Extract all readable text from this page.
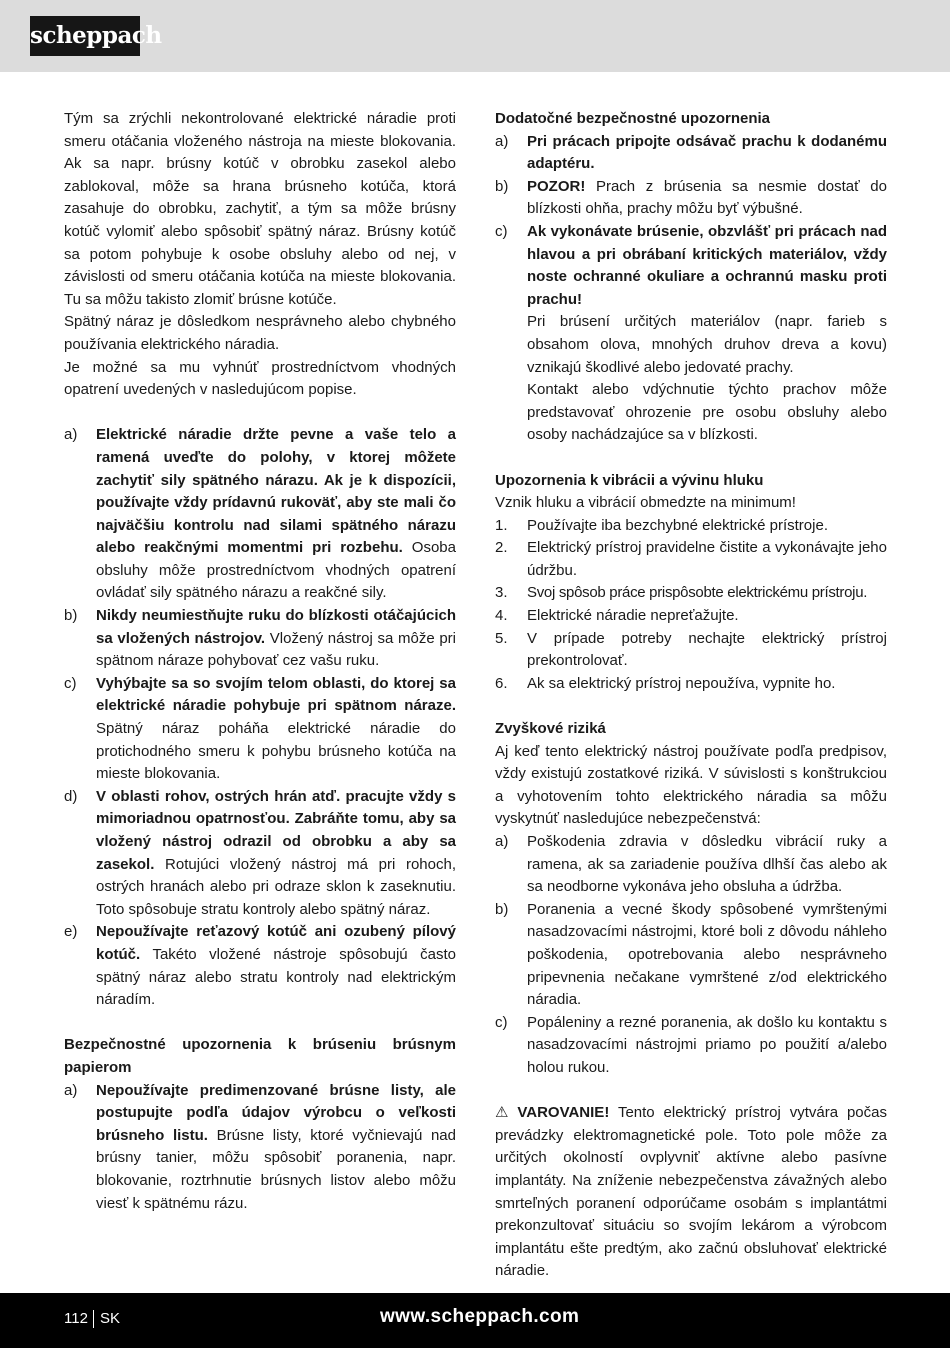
scheppach

Tým sa zrýchli nekontrolované elektrické náradie proti smeru otáčania vloženého nástroja na mieste blokovania. Ak sa napr. brúsny kotúč v obrobku zasekol alebo zablokoval, môže sa hrana brúsneho kotúča, ktorá zasahuje do obrobku, zachytiť, a tým sa môže brúsny kotúč vylomiť alebo spôsobiť spätný náraz. Brúsny kotúč sa potom pohybuje k osobe obsluhy alebo od nej, v závislosti od smeru otáčania kotúča na mieste blokovania. Tu sa môžu takisto zlomiť brúsne kotúče.

Spätný náraz je dôsledkom nesprávneho alebo chybného používania elektrického náradia.

Je možné sa mu vyhnúť prostredníctvom vhodných opatrení uvedených v nasledujúcom popise.

a) Elektrické náradie držte pevne a vaše telo a ramená uveďte do polohy, v ktorej môžete zachytiť sily spätného nárazu. Ak je k dispozícii, používajte vždy prídavnú rukoväť, aby ste mali čo najväčšiu kontrolu nad silami spätného nárazu alebo reakčnými momentmi pri rozbehu. Osoba obsluhy môže prostredníctvom vhodných opatrení ovládať sily spätného nárazu a reakčné sily.
b) Nikdy neumiestňujte ruku do blízkosti otáčajúcich sa vložených nástrojov. Vložený nástroj sa môže pri spätnom náraze pohybovať cez vašu ruku.
c) Vyhýbajte sa so svojím telom oblasti, do ktorej sa elektrické náradie pohybuje pri spätnom náraze. Spätný náraz poháňa elektrické náradie do protichodného smeru k pohybu brúsneho kotúča na mieste blokovania.
d) V oblasti rohov, ostrých hrán atď. pracujte vždy s mimoriadnou opatrnosťou. Zabráňte tomu, aby sa vložený nástroj odrazil od obrobku a aby sa zasekol. Rotujúci vložený nástroj má pri rohoch, ostrých hranách alebo pri odraze sklon k zaseknutiu. Toto spôsobuje stratu kontroly alebo spätný náraz.
e) Nepoužívajte reťazový kotúč ani ozubený pílový kotúč. Takéto vložené nástroje spôsobujú často spätný náraz alebo stratu kontroly nad elektrickým náradím.

Bezpečnostné upozornenia k brúseniu brúsnym papierom

a) Nepoužívajte predimenzované brúsne listy, ale postupujte podľa údajov výrobcu o veľkosti brúsneho listu. Brúsne listy, ktoré vyčnievajú nad brúsny tanier, môžu spôsobiť poranenia, napr. blokovanie, roztrhnutie brúsnych listov alebo môžu viesť k spätnému rázu.

Dodatočné bezpečnostné upozornenia

a) Pri prácach pripojte odsávač prachu k dodanému adaptéru.
b) POZOR! Prach z brúsenia sa nesmie dostať do blízkosti ohňa, prachy môžu byť výbušné.
c) Ak vykonávate brúsenie, obzvlášť pri prácach nad hlavou a pri obrábaní kritických materiálov, vždy noste ochranné okuliare a ochrannú masku proti prachu!
Pri brúsení určitých materiálov (napr. farieb s obsahom olova, mnohých druhov dreva a kovu) vznikajú škodlivé alebo jedovaté prachy.
Kontakt alebo vdýchnutie týchto prachov môže predstavovať ohrozenie pre osobu obsluhy alebo osoby nachádzajúce sa v blízkosti.

Upozornenia k vibrácii a vývinu hluku

Vznik hluku a vibrácií obmedzte na minimum!

1. Používajte iba bezchybné elektrické prístroje.
2. Elektrický prístroj pravidelne čistite a vykonávajte jeho údržbu.
3. Svoj spôsob práce prispôsobte elektrickému prístroju.
4. Elektrické náradie nepreťažujte.
5. V prípade potreby nechajte elektrický prístroj prekontrolovať.
6. Ak sa elektrický prístroj nepoužíva, vypnite ho.

Zvyškové riziká

Aj keď tento elektrický nástroj používate podľa predpisov, vždy existujú zostatkové riziká. V súvislosti s konštrukciou a vyhotovením tohto elektrického náradia sa môžu vyskytnúť nasledujúce nebezpečenstvá:

a) Poškodenia zdravia v dôsledku vibrácií ruky a ramena, ak sa zariadenie používa dlhší čas alebo ak sa neodborne vykonáva jeho obsluha a údržba.
b) Poranenia a vecné škody spôsobené vymrštenými nasadzovacími nástrojmi, ktoré boli z dôvodu náhleho poškodenia, opotrebovania alebo nesprávneho pripevnenia nečakane vymrštené z/od elektrického náradia.
c) Popáleniny a rezné poranenia, ak došlo ku kontaktu s nasadzovacími nástrojmi priamo po použití a/alebo holou rukou.

⚠ VAROVANIE! Tento elektrický prístroj vytvára počas prevádzky elektromagnetické pole. Toto pole môže za určitých okolností ovplyvniť aktívne alebo pasívne implantáty. Na zníženie nebezpečenstva závažných alebo smrteľných poranení odporúčame osobám s implantátmi prekonzultovať situáciu so svojím lekárom a výrobcom implantátu ešte predtým, ako začnú obsluhovať elektrické náradie.

112 SK	www.scheppach.com
